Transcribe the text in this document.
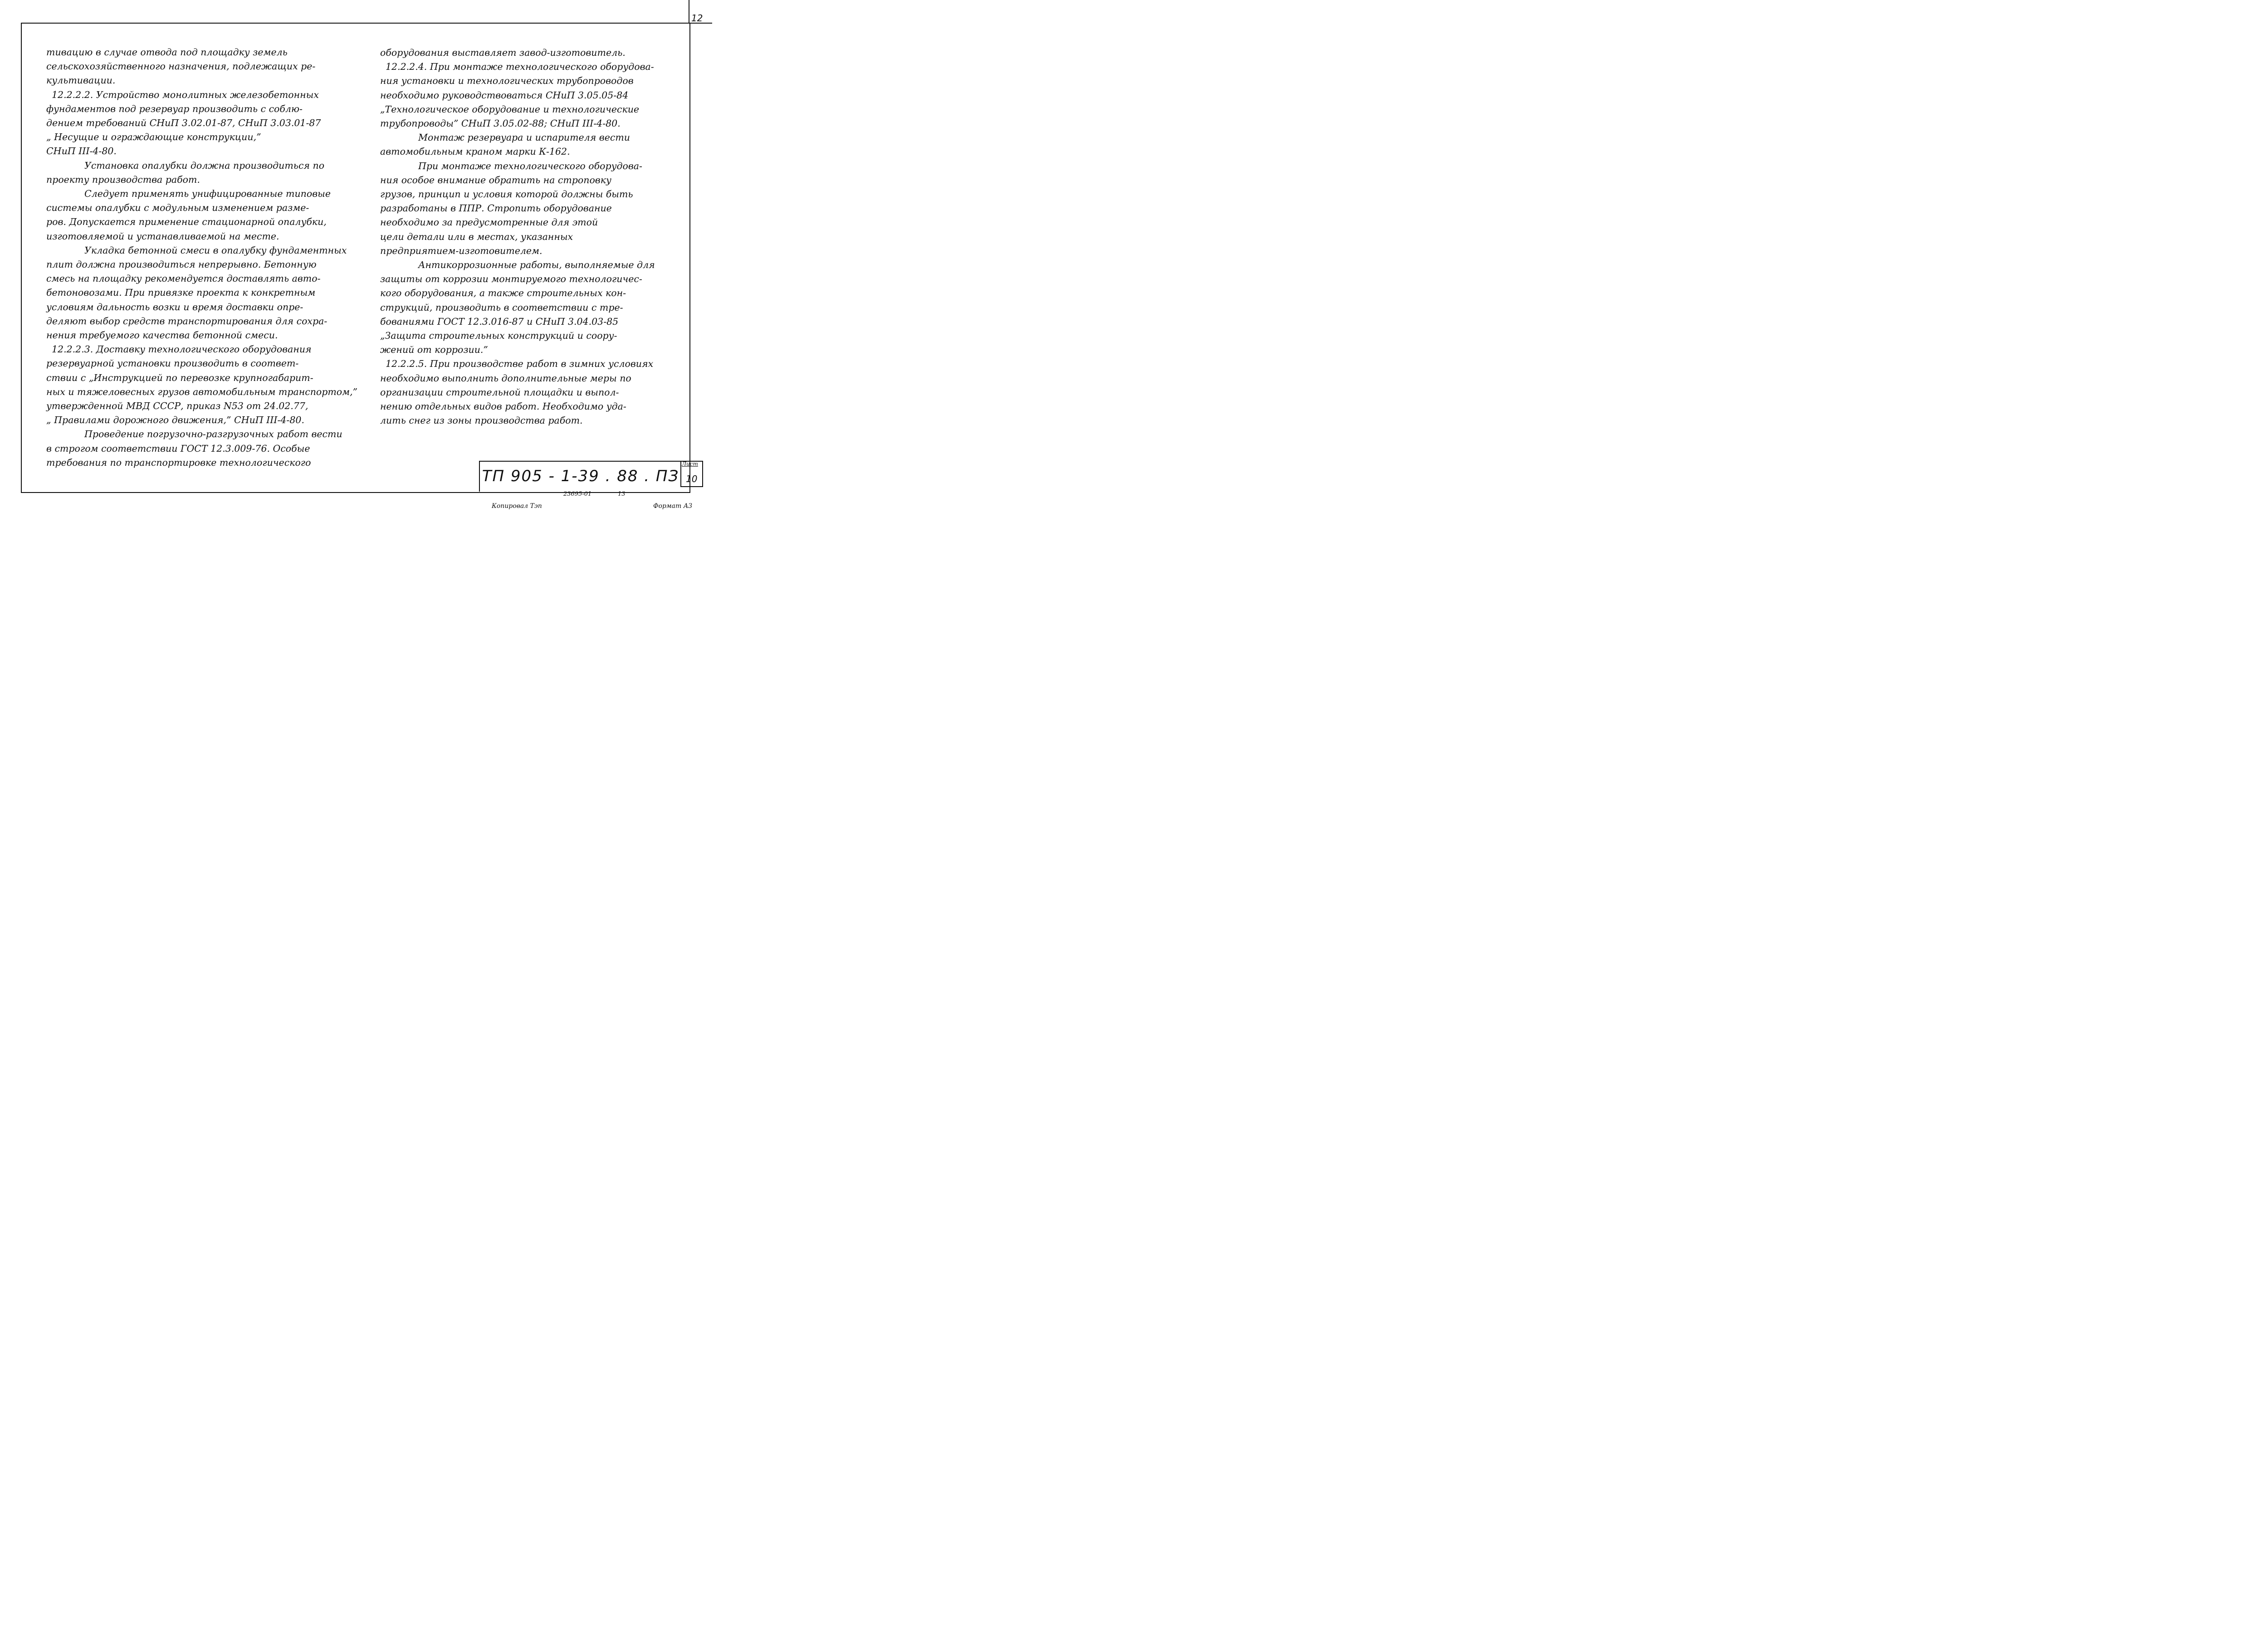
12
тивацию в случае отвода под площадку земель
сельскохозяйственного назначения, подлежащих ре-
культивации.
12.2.2.2. Устройство монолитных железобетонных
фундаментов под резервуар производить с соблю-
дением требований СНиП 3.02.01-87, СНиП 3.03.01-87
„ Несущие и ограждающие конструкции,”
СНиП III-4-80.
Установка опалубки должна производиться по
проекту производства работ.
Следует применять унифицированные типовые
системы опалубки с модульным изменением разме-
ров. Допускается применение стационарной опалубки,
изготовляемой и устанавливаемой на месте.
Укладка бетонной смеси в опалубку фундаментных
плит должна производиться непрерывно. Бетонную
смесь на площадку рекомендуется доставлять авто-
бетоновозами. При привязке проекта к конкретным
условиям дальность возки и время доставки опре-
деляют выбор средств транспортирования для сохра-
нения требуемого качества бетонной смеси.
12.2.2.3. Доставку технологического оборудования
резервуарной установки производить в соответ-
ствии с „Инструкцией по перевозке крупногабарит-
ных и тяжеловесных грузов автомобильным транспортом,”
утвержденной МВД СССР, приказ N53 от 24.02.77,
„ Правилами дорожного движения,” СНиП III-4-80.
Проведение погрузочно-разгрузочных работ вести
в строгом соответствии ГОСТ 12.3.009-76. Особые
требования по транспортировке технологического
оборудования выставляет завод-изготовитель.
12.2.2.4. При монтаже технологического оборудова-
ния установки и технологических трубопроводов
необходимо руководствоваться СНиП 3.05.05-84
„Технологическое оборудование и технологические
трубопроводы” СНиП 3.05.02-88; СНиП III-4-80.
Монтаж резервуара и испарителя вести
автомобильным краном марки К-162.
При монтаже технологического оборудова-
ния особое внимание обратить на строповку
грузов, принцип и условия которой должны быть
разработаны в ППР. Стропить оборудование
необходимо за предусмотренные для этой
цели детали или в местах, указанных
предприятием-изготовителем.
Антикоррозионные работы, выполняемые для
защиты от коррозии монтируемого технологичес-
кого оборудования, а также строительных кон-
струкций, производить в соответствии с тре-
бованиями ГОСТ 12.3.016-87 и СНиП 3.04.03-85
„Защита строительных конструкций и соору-
жений от коррозии.”
12.2.2.5. При производстве работ в зимних условиях
необходимо выполнить дополнительные меры по
организации строительной площадки и выпол-
нению отдельных видов работ. Необходимо уда-
лить снег из зоны производства работ.
ТП 905 - 1-39 . 88 . ПЗ
Лист
10
Копировал Тэп
23695-01	13
Формат А3
